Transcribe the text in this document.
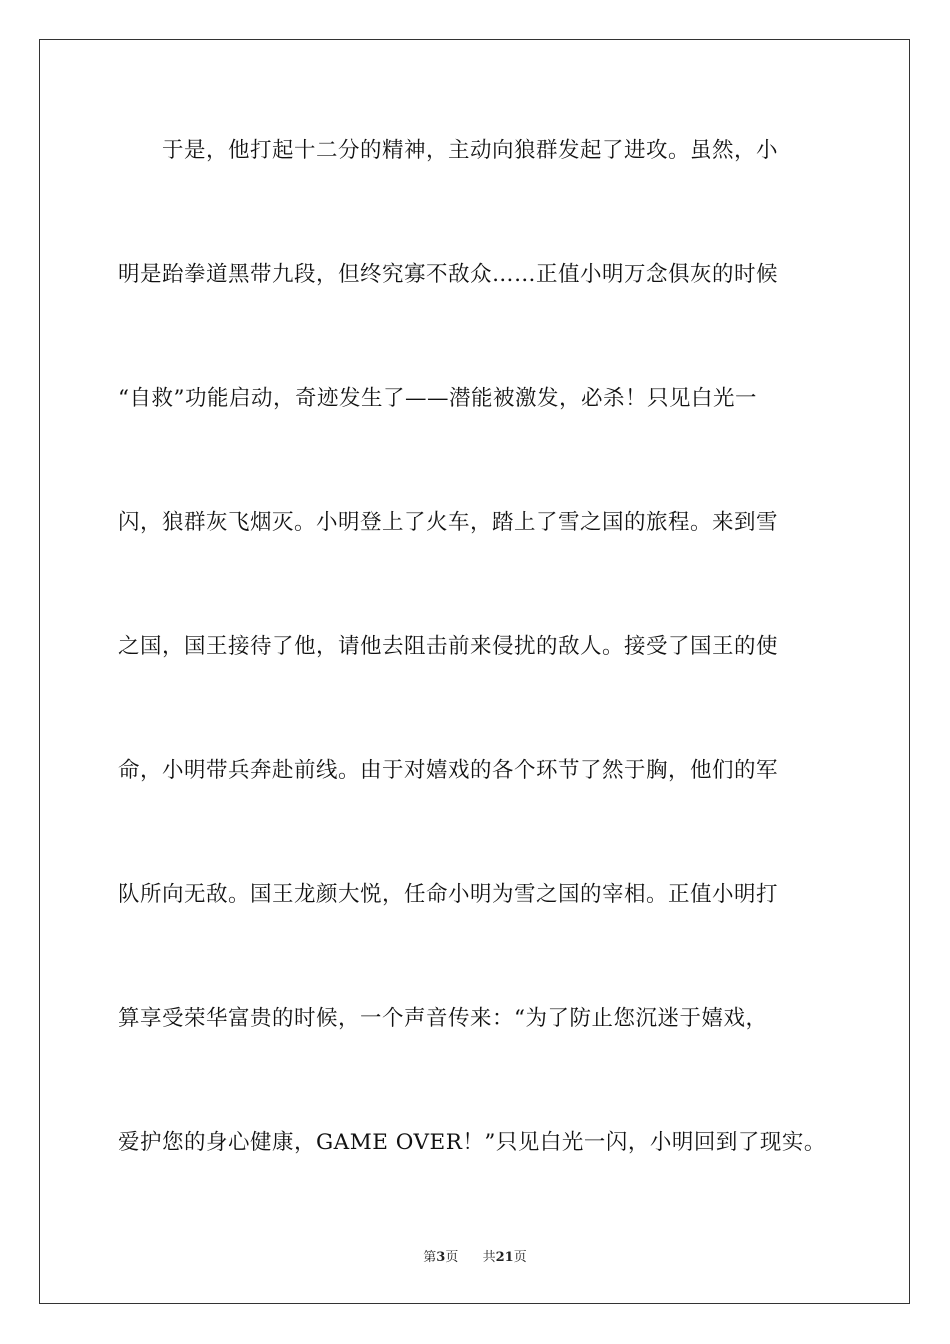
于是，他打起十二分的精神，主动向狼群发起了进攻。虽然，小
明是跆拳道黑带九段，但终究寡不敌众……正值小明万念俱灰的时候
“自救”功能启动，奇迹发生了——潜能被激发，必杀！只见白光一
闪，狼群灰飞烟灭。小明登上了火车，踏上了雪之国的旅程。来到雪
之国，国王接待了他，请他去阻击前来侵扰的敌人。接受了国王的使
命，小明带兵奔赴前线。由于对嬉戏的各个环节了然于胸，他们的军
队所向无敌。国王龙颜大悦，任命小明为雪之国的宰相。正值小明打
算享受荣华富贵的时候，一个声音传来：“为了防止您沉迷于嬉戏，
爱护您的身心健康，GAME OVER！”只见白光一闪，小明回到了现实。
第3页 共21页
